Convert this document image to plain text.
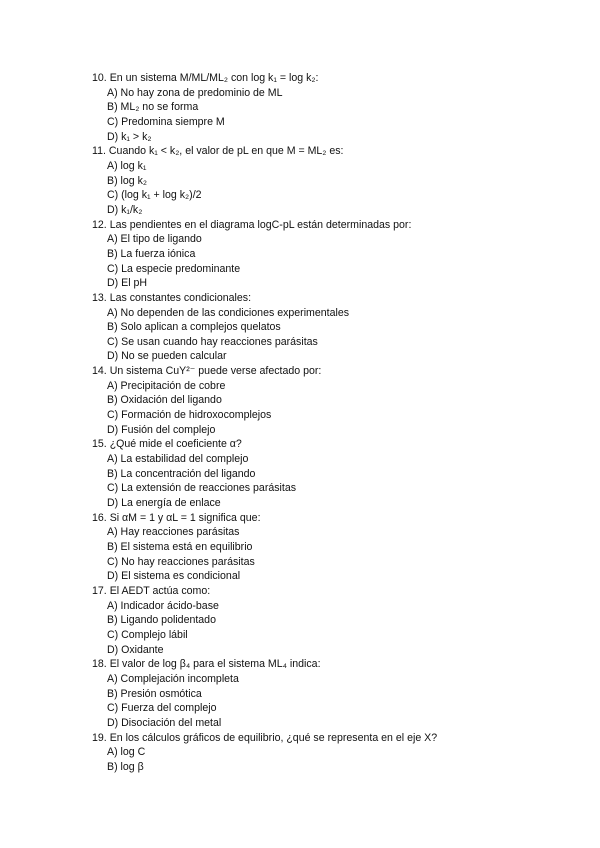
10. En un sistema M/ML/ML₂ con log k₁ = log k₂:
A) No hay zona de predominio de ML
B) ML₂ no se forma
C) Predomina siempre M
D) k₁ > k₂
11. Cuando k₁ < k₂, el valor de pL en que M = ML₂ es:
A) log k₁
B) log k₂
C) (log k₁ + log k₂)/2
D) k₁/k₂
12. Las pendientes en el diagrama logC-pL están determinadas por:
A) El tipo de ligando
B) La fuerza iónica
C) La especie predominante
D) El pH
13. Las constantes condicionales:
A) No dependen de las condiciones experimentales
B) Solo aplican a complejos quelatos
C) Se usan cuando hay reacciones parásitas
D) No se pueden calcular
14. Un sistema CuY²⁻ puede verse afectado por:
A) Precipitación de cobre
B) Oxidación del ligando
C) Formación de hidroxocomplejos
D) Fusión del complejo
15. ¿Qué mide el coeficiente α?
A) La estabilidad del complejo
B) La concentración del ligando
C) La extensión de reacciones parásitas
D) La energía de enlace
16. Si αM = 1 y αL = 1 significa que:
A) Hay reacciones parásitas
B) El sistema está en equilibrio
C) No hay reacciones parásitas
D) El sistema es condicional
17. El AEDT actúa como:
A) Indicador ácido-base
B) Ligando polidentado
C) Complejo lábil
D) Oxidante
18. El valor de log β₄ para el sistema ML₄ indica:
A) Complejación incompleta
B) Presión osmótica
C) Fuerza del complejo
D) Disociación del metal
19. En los cálculos gráficos de equilibrio, ¿qué se representa en el eje X?
A) log C
B) log β
